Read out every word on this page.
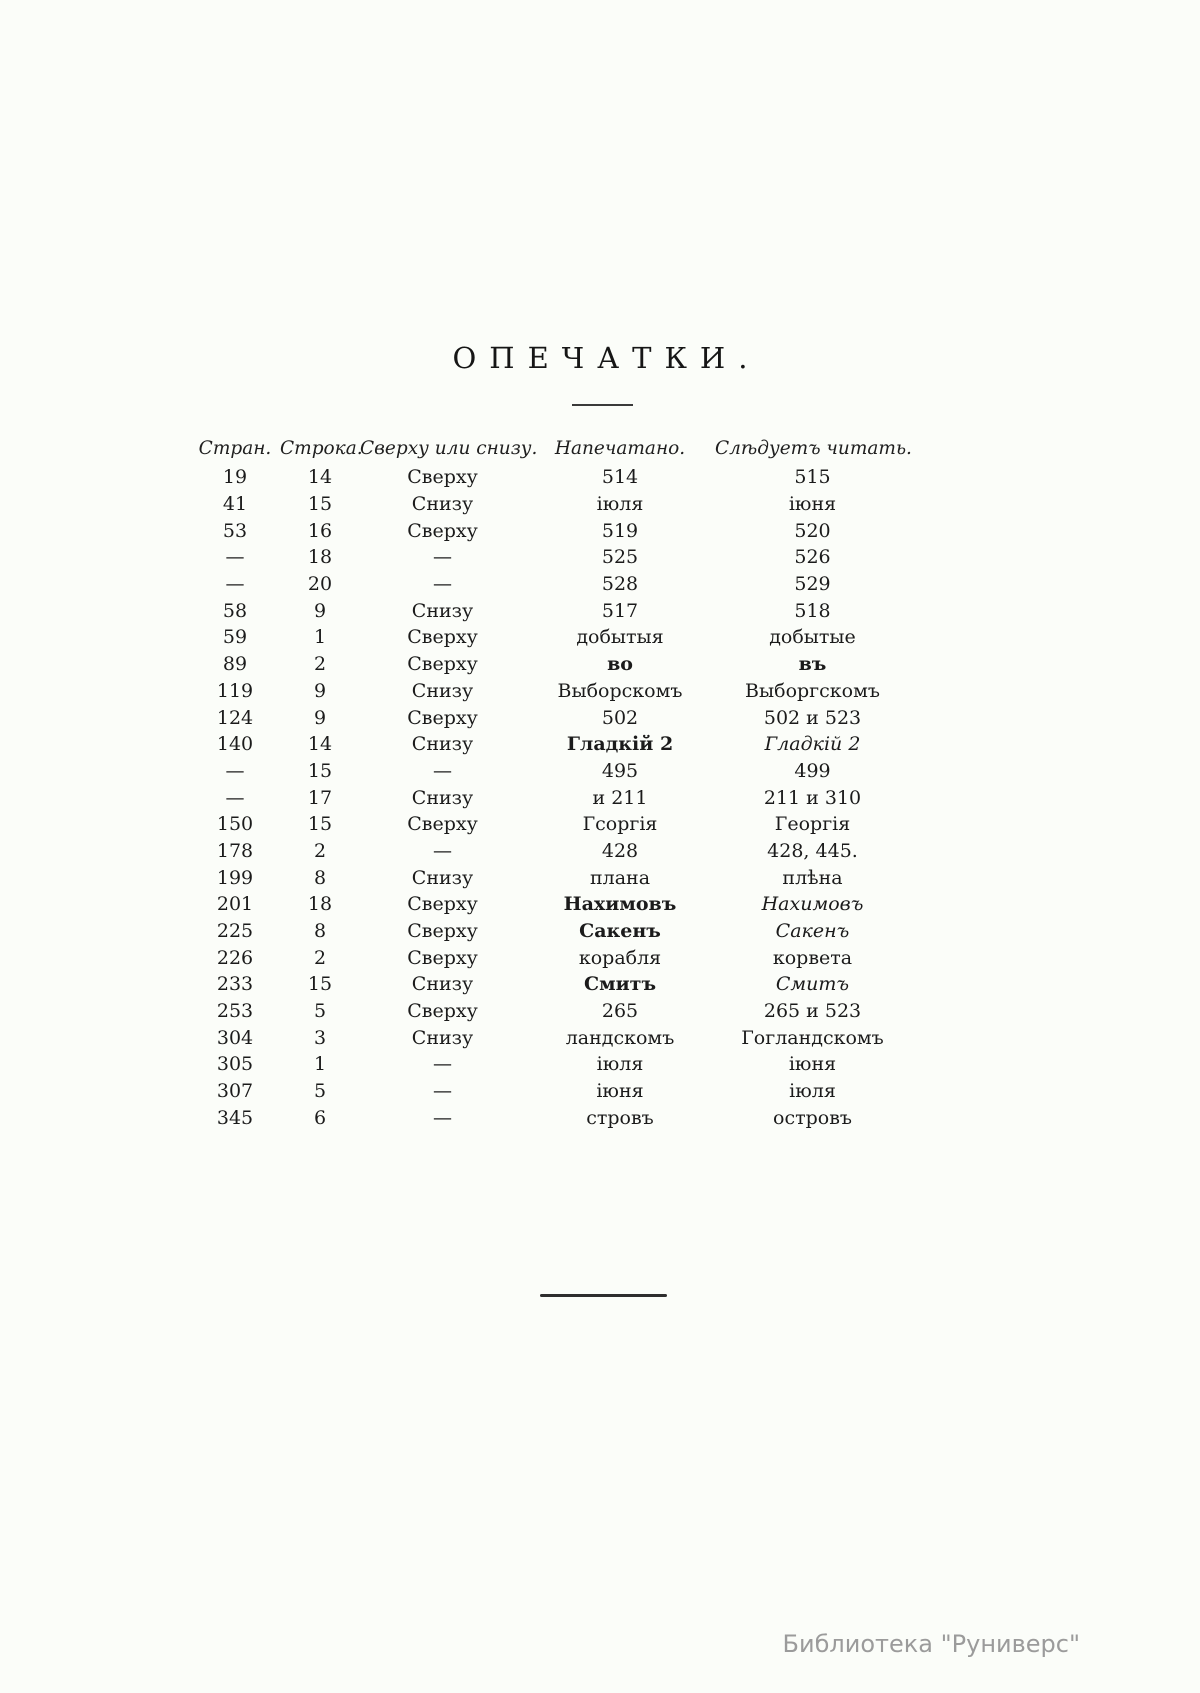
ОПЕЧАТКИ.
Стран.	Строка.	Сверху или снизу.	Напечатано.	Слѣдуетъ читать.
19	14	Сверху	514	515
41	15	Снизу	іюля	іюня
53	16	Сверху	519	520
—	18	—	525	526
—	20	—	528	529
58	9	Снизу	517	518
59	1	Сверху	добытыя	добытые
89	2	Сверху	во	въ
119	9	Снизу	Выборскомъ	Выборгскомъ
124	9	Сверху	502	502 и 523
140	14	Снизу	Гладкій 2	Гладкій 2
—	15	—	495	499
—	17	Снизу	и 211	211 и 310
150	15	Сверху	Гсоргія	Георгія
178	2	—	428	428, 445.
199	8	Снизу	плана	плѣна
201	18	Сверху	Нахимовъ	Нахимовъ
225	8	Сверху	Сакенъ	Сакенъ
226	2	Сверху	корабля	корвета
233	15	Снизу	Смитъ	Смитъ
253	5	Сверху	265	265 и 523
304	3	Снизу	ландскомъ	Гогландскомъ
305	1	—	іюля	іюня
307	5	—	іюня	іюля
345	6	—	стровъ	островъ
Библиотека "Руниверс"
